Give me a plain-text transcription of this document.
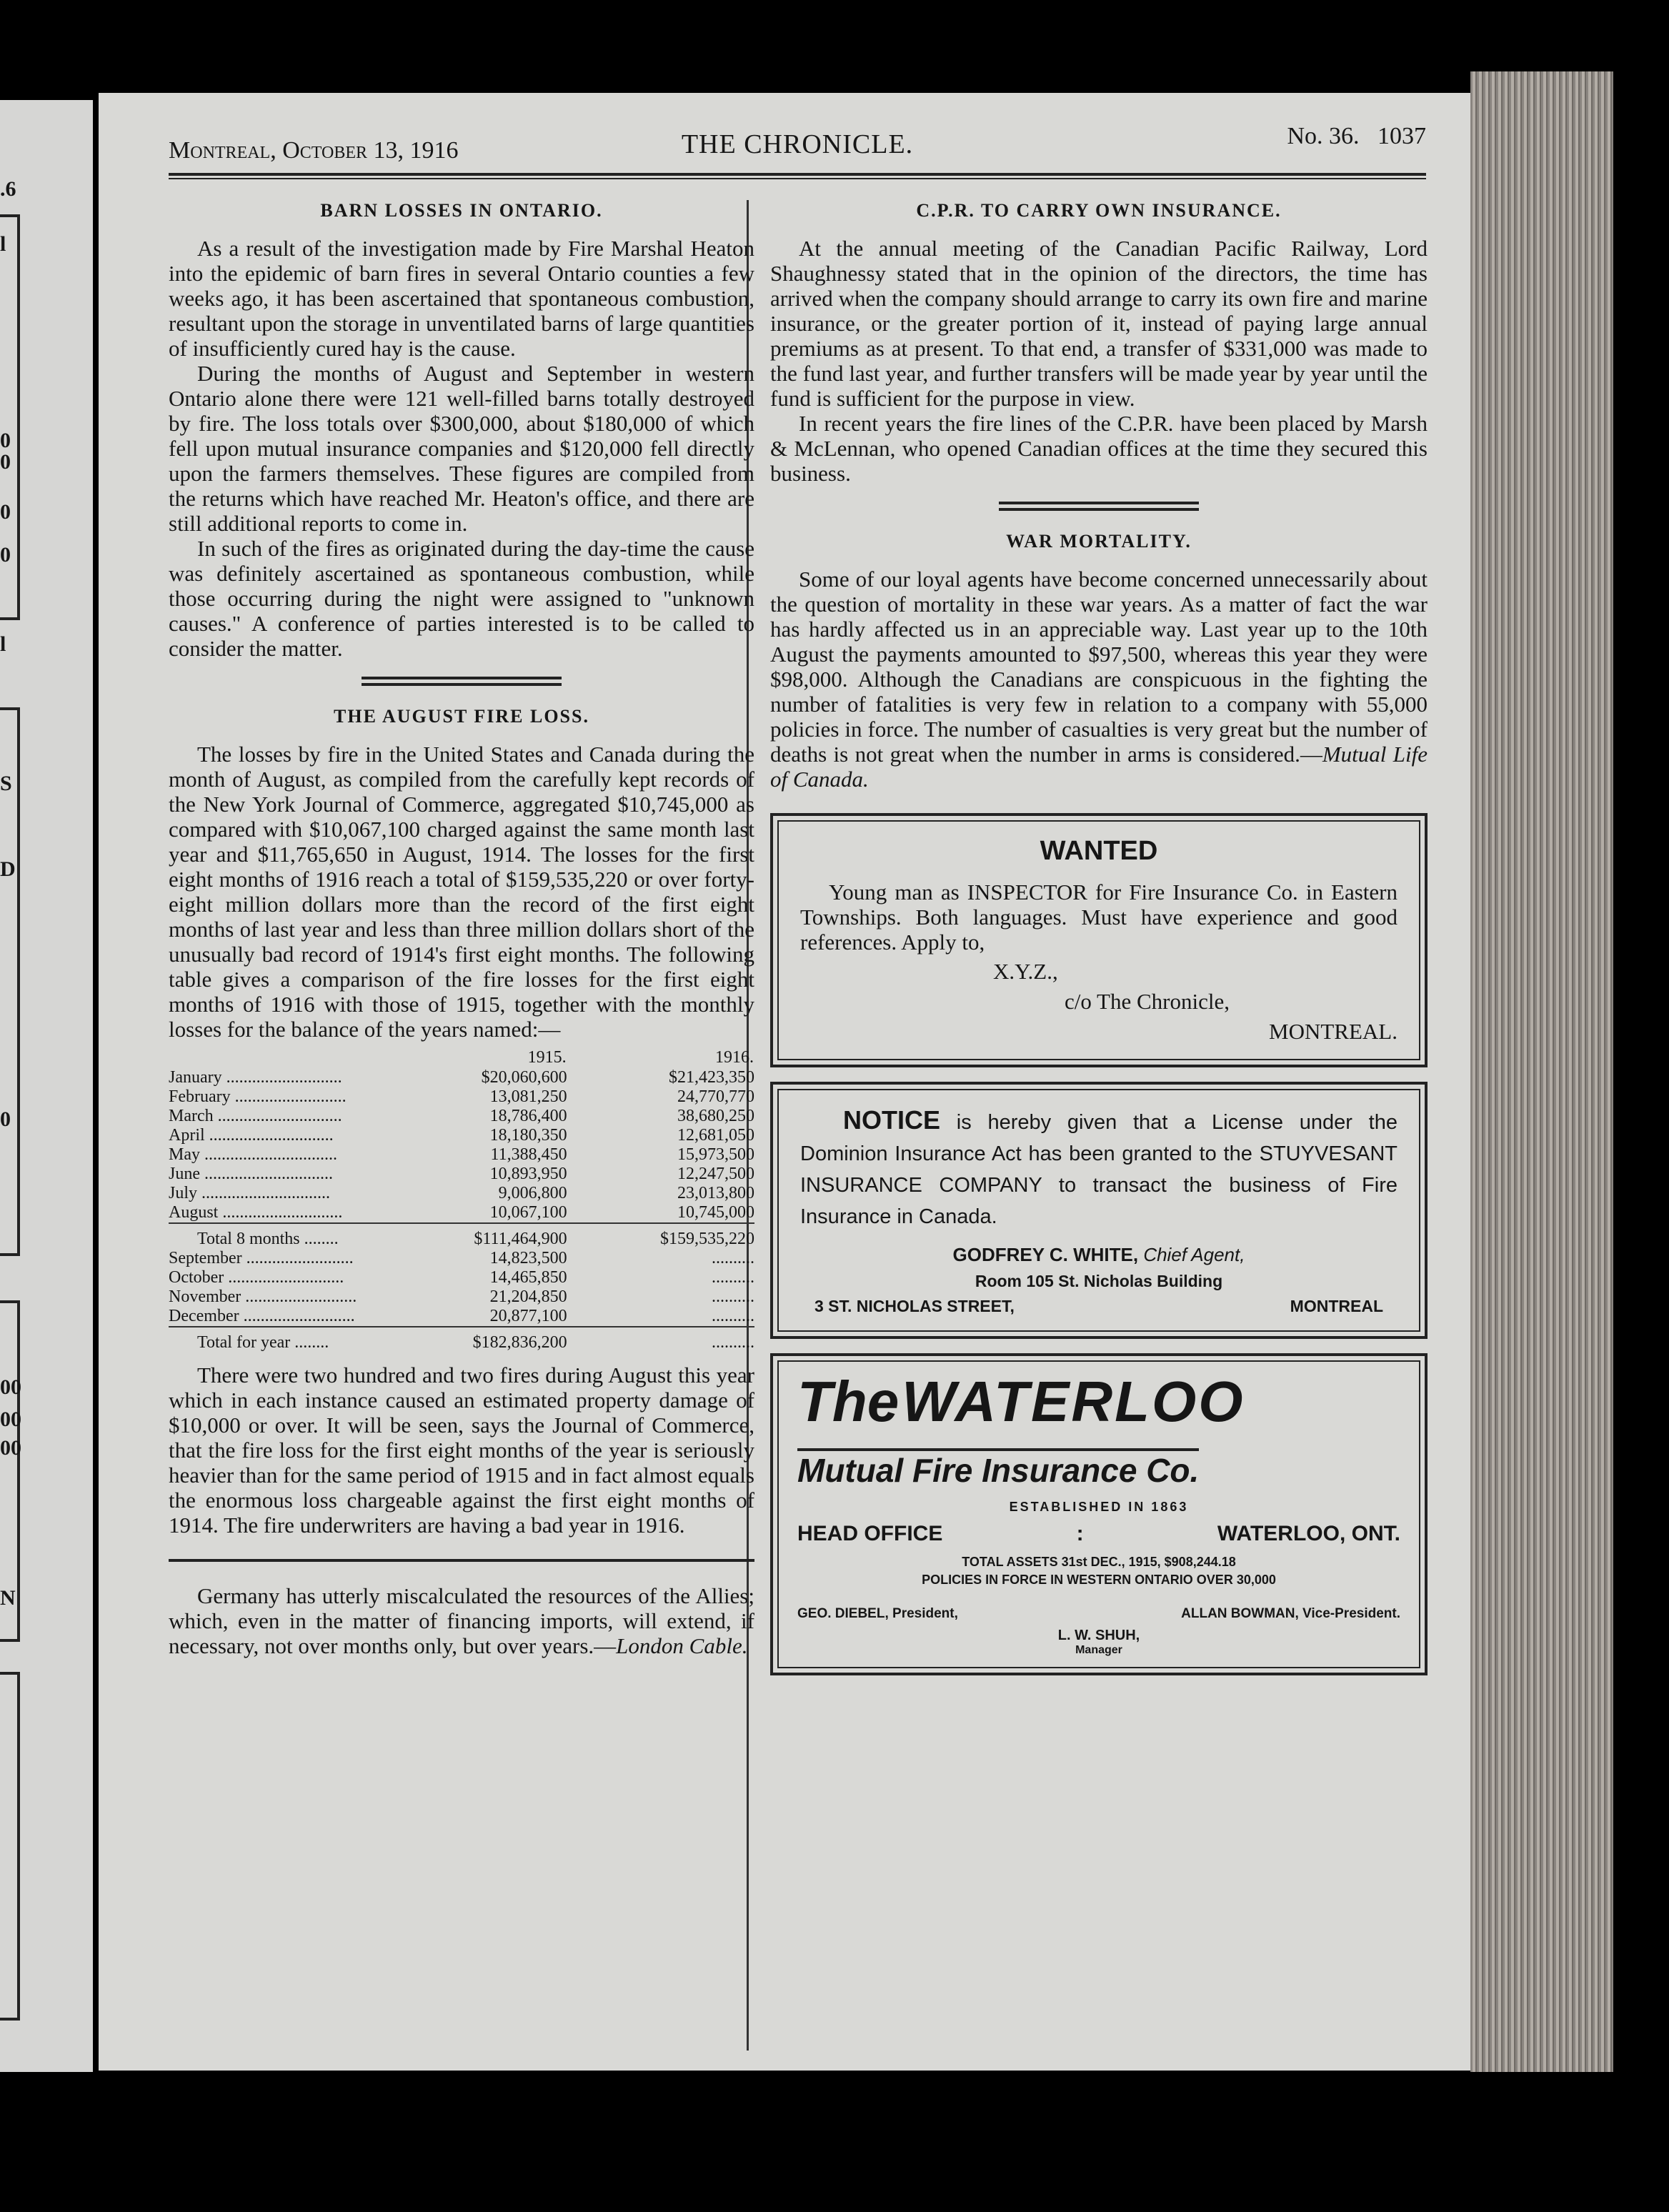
.6
l
0
0
0
0
l
S
D
0
00
00
00
N
Montreal, October 13, 1916	THE CHRONICLE.	No. 36. 1037
BARN LOSSES IN ONTARIO.

As a result of the investigation made by Fire Marshal Heaton into the epidemic of barn fires in several Ontario counties a few weeks ago, it has been ascertained that spontaneous combustion, resultant upon the storage in unventilated barns of large quantities of insufficiently cured hay is the cause.

During the months of August and September in western Ontario alone there were 121 well-filled barns totally destroyed by fire. The loss totals over $300,000, about $180,000 of which fell upon mutual insurance companies and $120,000 fell directly upon the farmers themselves. These figures are compiled from the returns which have reached Mr. Heaton's office, and there are still additional reports to come in.

In such of the fires as originated during the day-time the cause was definitely ascertained as spontaneous combustion, while those occurring during the night were assigned to "unknown causes." A conference of parties interested is to be called to consider the matter.

THE AUGUST FIRE LOSS.

The losses by fire in the United States and Canada during the month of August, as compiled from the carefully kept records of the New York Journal of Commerce, aggregated $10,745,000 as compared with $10,067,100 charged against the same month last year and $11,765,650 in August, 1914. The losses for the first eight months of 1916 reach a total of $159,535,220 or over forty-eight million dollars more than the record of the first eight months of last year and less than three million dollars short of the unusually bad record of 1914's first eight months. The following table gives a comparison of the fire losses for the first eight months of 1916 with those of 1915, together with the monthly losses for the balance of the years named:—

	1915.		1916.
January ...........................	$20,060,600		$21,423,350
February ..........................	13,081,250		24,770,770
March .............................	18,786,400		38,680,250
April .............................	18,180,350		12,681,050
May ...............................	11,388,450		15,973,500
June ..............................	10,893,950		12,247,500
July ..............................	9,006,800		23,013,800
August ............................	10,067,100		10,745,000
Total 8 months ........	$111,464,900		$159,535,220
September .........................	14,823,500		..........
October ...........................	14,465,850		..........
November ..........................	21,204,850		..........
December ..........................	20,877,100		..........
Total for year ........	$182,836,200		..........

There were two hundred and two fires during August this year which in each instance caused an estimated property damage of $10,000 or over. It will be seen, says the Journal of Commerce, that the fire loss for the first eight months of the year is seriously heavier than for the same period of 1915 and in fact almost equals the enormous loss chargeable against the first eight months of 1914. The fire underwriters are having a bad year in 1916.

Germany has utterly miscalculated the resources of the Allies; which, even in the matter of financing imports, will extend, if necessary, not over months only, but over years.—London Cable.

C.P.R. TO CARRY OWN INSURANCE.

At the annual meeting of the Canadian Pacific Railway, Lord Shaughnessy stated that in the opinion of the directors, the time has arrived when the company should arrange to carry its own fire and marine insurance, or the greater portion of it, instead of paying large annual premiums as at present. To that end, a transfer of $331,000 was made to the fund last year, and further transfers will be made year by year until the fund is sufficient for the purpose in view.

In recent years the fire lines of the C.P.R. have been placed by Marsh & McLennan, who opened Canadian offices at the time they secured this business.

WAR MORTALITY.

Some of our loyal agents have become concerned unnecessarily about the question of mortality in these war years. As a matter of fact the war has hardly affected us in an appreciable way. Last year up to the 10th August the payments amounted to $97,500, whereas this year they were $98,000. Although the Canadians are conspicuous in the fighting the number of fatalities is very few in relation to a company with 55,000 policies in force. The number of casualties is very great but the number of deaths is not great when the number in arms is considered.—Mutual Life of Canada.

WANTED

Young man as INSPECTOR for Fire Insurance Co. in Eastern Townships. Both languages. Must have experience and good references. Apply to,

X.Y.Z.,
c/o The Chronicle,
MONTREAL.

NOTICE is hereby given that a License under the Dominion Insurance Act has been granted to the STUYVESANT INSURANCE COMPANY to transact the business of Fire Insurance in Canada.

GODFREY C. WHITE, Chief Agent,
Room 105 St. Nicholas Building
3 ST. NICHOLAS STREET,	MONTREAL
The WATERLOO
Mutual Fire Insurance Co.
ESTABLISHED IN 1863
HEAD OFFICE	:	WATERLOO, ONT.
TOTAL ASSETS 31st DEC., 1915, $908,244.18
POLICIES IN FORCE IN WESTERN ONTARIO OVER 30,000
GEO. DIEBEL, President,	ALLAN BOWMAN, Vice-President.
L. W. SHUH,
Manager
